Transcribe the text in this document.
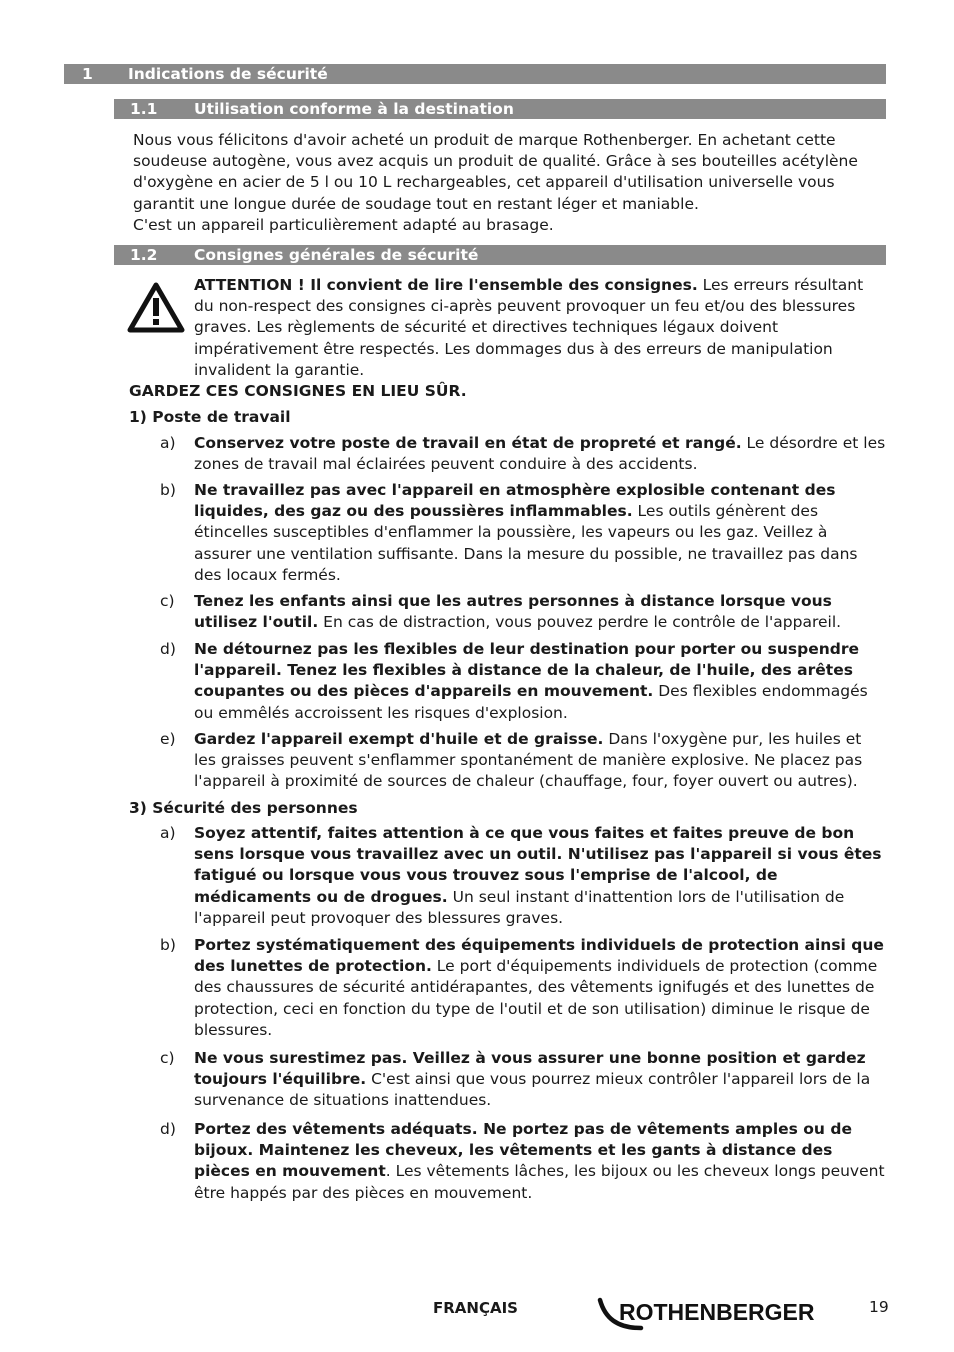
1 Indications de sécurité
1.1 Utilisation conforme à la destination
Nous vous félicitons d'avoir acheté un produit de marque Rothenberger. En achetant cette soudeuse autogène, vous avez acquis un produit de qualité. Grâce à ses bouteilles acétylène d'oxygène en acier de 5 l ou 10 L rechargeables, cet appareil d'utilisation universelle vous garantit une longue durée de soudage tout en restant léger et maniable.
C'est un appareil particulièrement adapté au brasage.
1.2 Consignes générales de sécurité
ATTENTION ! Il convient de lire l'ensemble des consignes. Les erreurs résultant du non-respect des consignes ci-après peuvent provoquer un feu et/ou des blessures graves. Les règlements de sécurité et directives techniques légaux doivent impérativement être respectés. Les dommages dus à des erreurs de manipulation invalident la garantie.
GARDEZ CES CONSIGNES EN LIEU SÛR.
1) Poste de travail
a) Conservez votre poste de travail en état de propreté et rangé. Le désordre et les zones de travail mal éclairées peuvent conduire à des accidents.
b) Ne travaillez pas avec l'appareil en atmosphère explosible contenant des liquides, des gaz ou des poussières inflammables. Les outils génèrent des étincelles susceptibles d'enflammer la poussière, les vapeurs ou les gaz. Veillez à assurer une ventilation suffisante. Dans la mesure du possible, ne travaillez pas dans des locaux fermés.
c) Tenez les enfants ainsi que les autres personnes à distance lorsque vous utilisez l'outil. En cas de distraction, vous pouvez perdre le contrôle de l'appareil.
d) Ne détournez pas les flexibles de leur destination pour porter ou suspendre l'appareil. Tenez les flexibles à distance de la chaleur, de l'huile, des arêtes coupantes ou des pièces d'appareils en mouvement. Des flexibles endommagés ou emmêlés accroissent les risques d'explosion.
e) Gardez l'appareil exempt d'huile et de graisse. Dans l'oxygène pur, les huiles et les graisses peuvent s'enflammer spontanément de manière explosive. Ne placez pas l'appareil à proximité de sources de chaleur (chauffage, four, foyer ouvert ou autres).
3) Sécurité des personnes
a) Soyez attentif, faites attention à ce que vous faites et faites preuve de bon sens lorsque vous travaillez avec un outil. N'utilisez pas l'appareil si vous êtes fatigué ou lorsque vous vous trouvez sous l'emprise de l'alcool, de médicaments ou de drogues. Un seul instant d'inattention lors de l'utilisation de l'appareil peut provoquer des blessures graves.
b) Portez systématiquement des équipements individuels de protection ainsi que des lunettes de protection. Le port d'équipements individuels de protection (comme des chaussures de sécurité antidérapantes, des vêtements ignifugés et des lunettes de protection, ceci en fonction du type de l'outil et de son utilisation) diminue le risque de blessures.
c) Ne vous surestimez pas. Veillez à vous assurer une bonne position et gardez toujours l'équilibre. C'est ainsi que vous pourrez mieux contrôler l'appareil lors de la survenance de situations inattendues.
d) Portez des vêtements adéquats. Ne portez pas de vêtements amples ou de bijoux. Maintenez les cheveux, les vêtements et les gants à distance des pièces en mouvement. Les vêtements lâches, les bijoux ou les cheveux longs peuvent être happés par des pièces en mouvement.
FRANÇAIS	ROTHENBERGER	19
